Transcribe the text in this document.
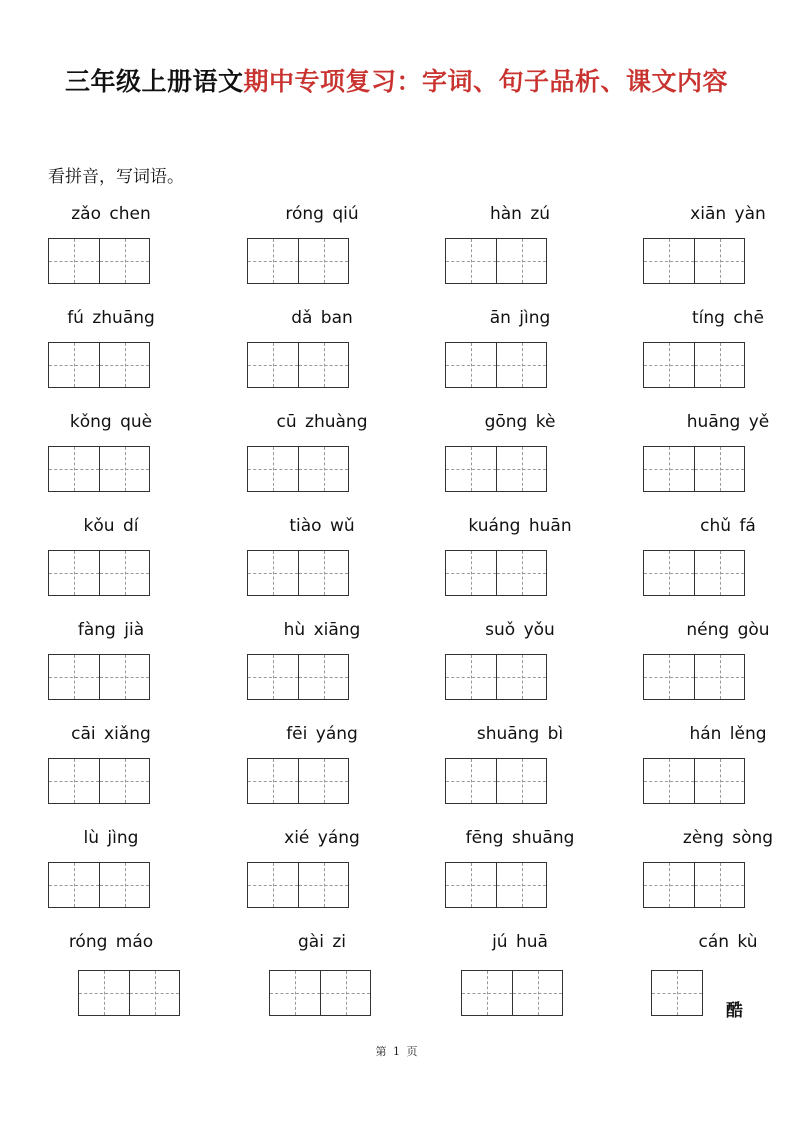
三年级上册语文期中专项复习：字词、句子品析、课文内容
看拼音，写词语。
zǎo chen	róng qiú	hàn zú	xiān yàn
fú zhuāng	dǎ ban	ān jìng	tíng chē
kǒng què	cū zhuàng	gōng kè	huāng yě
kǒu dí	tiào wǔ	kuáng huān	chǔ fá
fàng jià	hù xiāng	suǒ yǒu	néng gòu
cāi xiǎng	fēi yáng	shuāng bì	hán lěng
lù jìng	xié yáng	fēng shuāng	zèng sòng
róng máo	gài zi	jú huā	cán kù
酷
第 1 页
